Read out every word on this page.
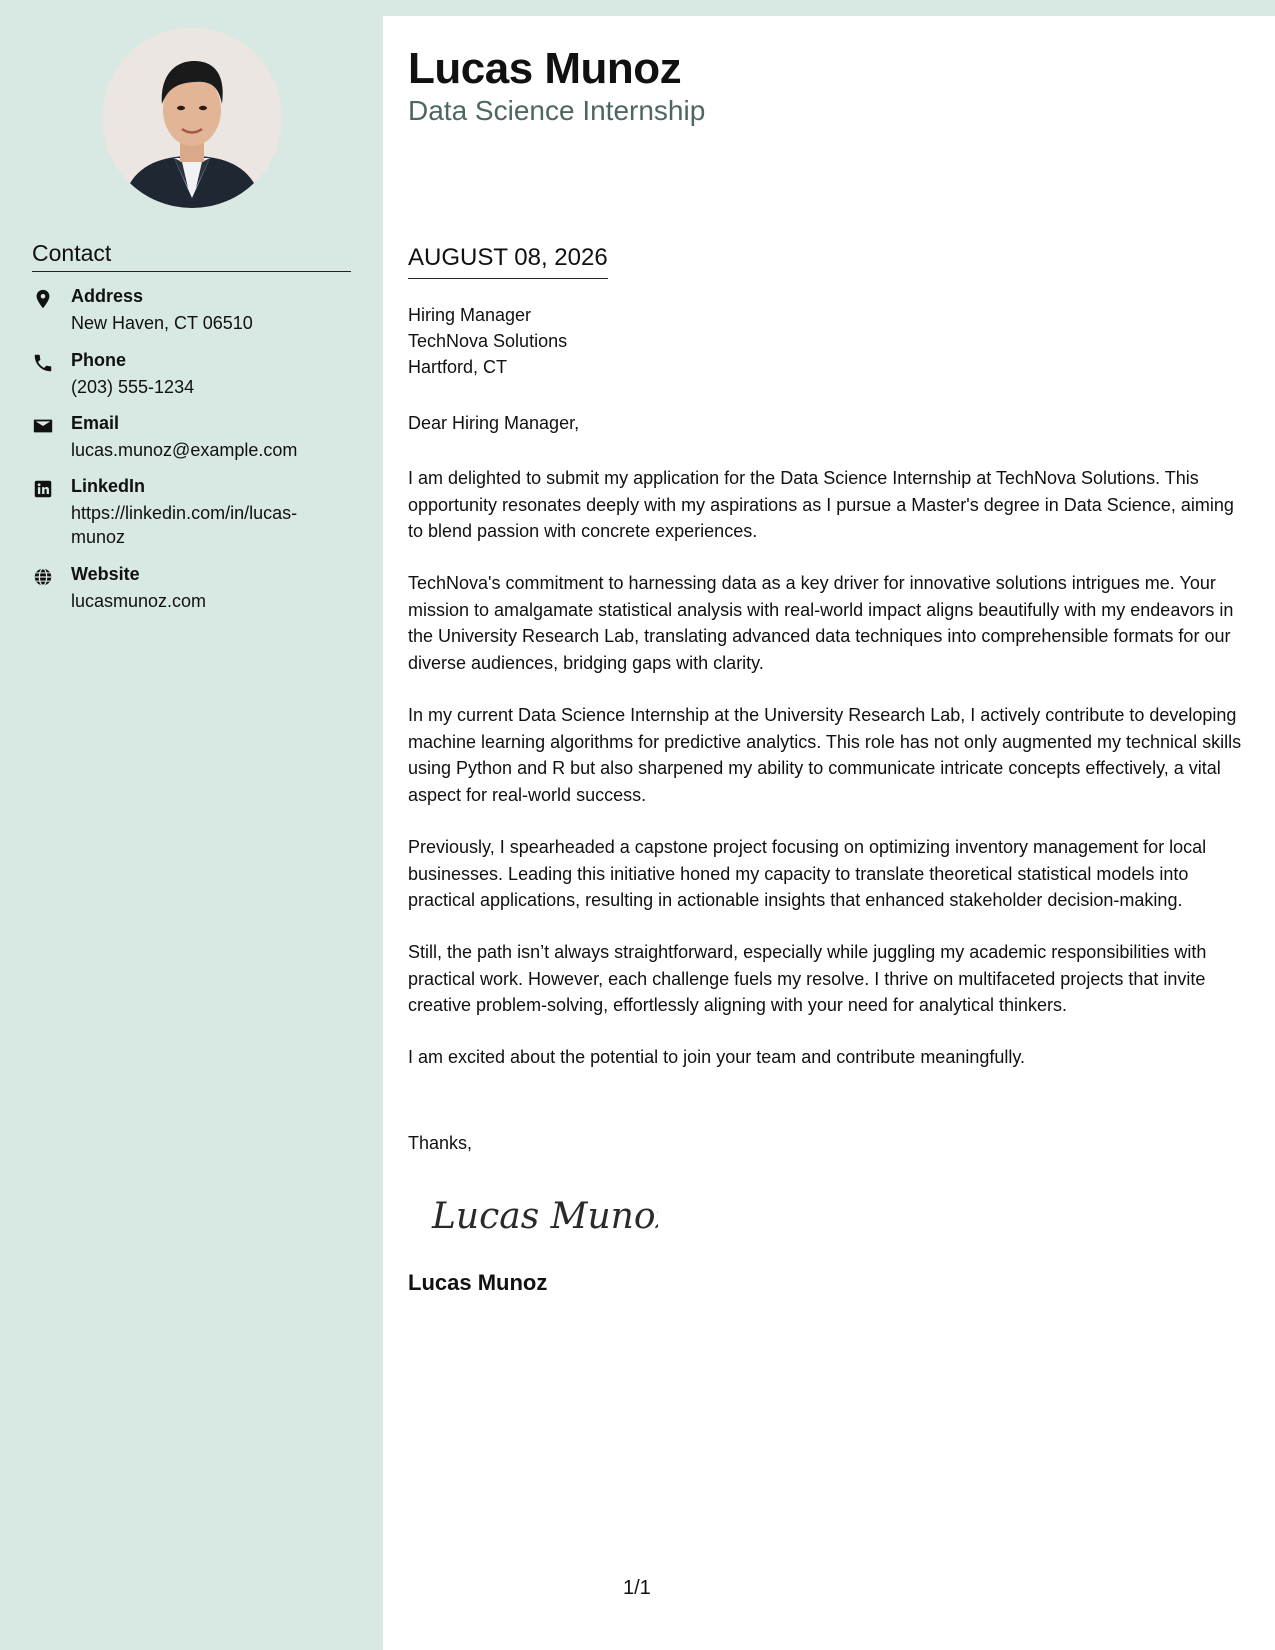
Contact
Address
New Haven, CT 06510
Phone
(203) 555-1234
Email
lucas.munoz@example.com
LinkedIn
https://linkedin.com/in/lucas-munoz
Website
lucasmunoz.com
Lucas Munoz
Data Science Internship
AUGUST 08, 2026
Hiring Manager
TechNova Solutions
Hartford, CT
Dear Hiring Manager,
I am delighted to submit my application for the Data Science Internship at TechNova Solutions. This opportunity resonates deeply with my aspirations as I pursue a Master's degree in Data Science, aiming to blend passion with concrete experiences.
TechNova's commitment to harnessing data as a key driver for innovative solutions intrigues me. Your mission to amalgamate statistical analysis with real-world impact aligns beautifully with my endeavors in the University Research Lab, translating advanced data techniques into comprehensible formats for our diverse audiences, bridging gaps with clarity.
In my current Data Science Internship at the University Research Lab, I actively contribute to developing machine learning algorithms for predictive analytics. This role has not only augmented my technical skills using Python and R but also sharpened my ability to communicate intricate concepts effectively, a vital aspect for real-world success.
Previously, I spearheaded a capstone project focusing on optimizing inventory management for local businesses. Leading this initiative honed my capacity to translate theoretical statistical models into practical applications, resulting in actionable insights that enhanced stakeholder decision-making.
Still, the path isn’t always straightforward, especially while juggling my academic responsibilities with practical work. However, each challenge fuels my resolve. I thrive on multifaceted projects that invite creative problem-solving, effortlessly aligning with your need for analytical thinkers.
I am excited about the potential to join your team and contribute meaningfully.
Thanks,
Lucas Munoz
Lucas Munoz
1/1
